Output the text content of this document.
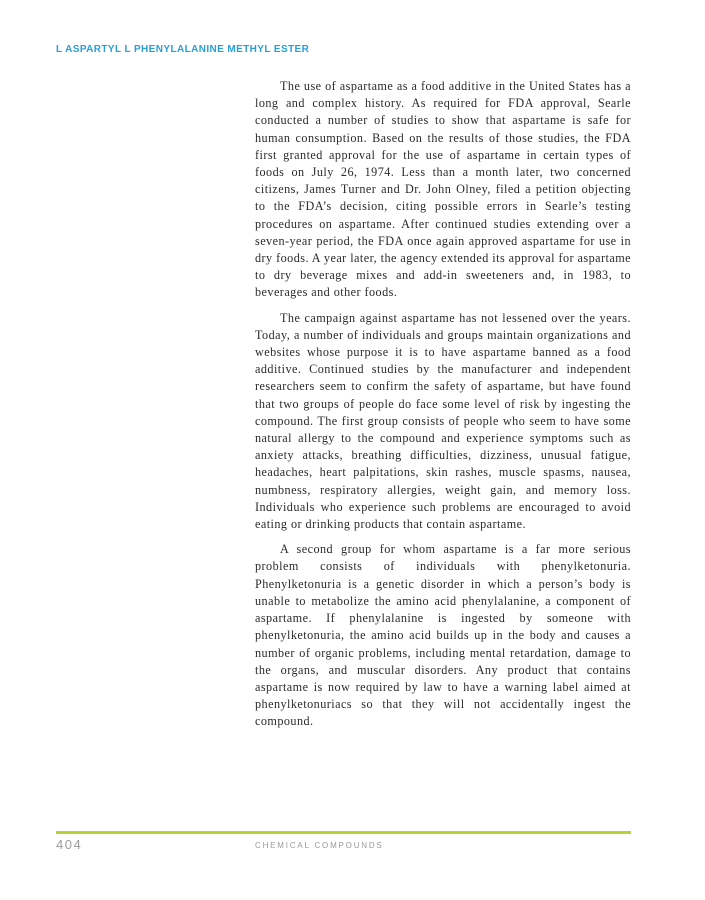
L ASPARTYL L PHENYLALANINE METHYL ESTER

The use of aspartame as a food additive in the United States has a long and complex history. As required for FDA approval, Searle conducted a number of studies to show that aspartame is safe for human consumption. Based on the results of those studies, the FDA first granted approval for the use of aspartame in certain types of foods on July 26, 1974. Less than a month later, two concerned citizens, James Turner and Dr. John Olney, filed a petition objecting to the FDA’s decision, citing possible errors in Searle’s testing procedures on aspartame. After continued studies extending over a seven-year period, the FDA once again approved aspartame for use in dry foods. A year later, the agency extended its approval for aspartame to dry beverage mixes and add-in sweeteners and, in 1983, to beverages and other foods.

The campaign against aspartame has not lessened over the years. Today, a number of individuals and groups maintain organizations and websites whose purpose it is to have aspartame banned as a food additive. Continued studies by the manufacturer and independent researchers seem to confirm the safety of aspartame, but have found that two groups of people do face some level of risk by ingesting the compound. The first group consists of people who seem to have some natural allergy to the compound and experience symptoms such as anxiety attacks, breathing difficulties, dizziness, unusual fatigue, headaches, heart palpitations, skin rashes, muscle spasms, nausea, numbness, respiratory allergies, weight gain, and memory loss. Individuals who experience such problems are encouraged to avoid eating or drinking products that contain aspartame.

A second group for whom aspartame is a far more serious problem consists of individuals with phenylketonuria. Phenylketonuria is a genetic disorder in which a person’s body is unable to metabolize the amino acid phenylalanine, a component of aspartame. If phenylalanine is ingested by someone with phenylketonuria, the amino acid builds up in the body and causes a number of organic problems, including mental retardation, damage to the organs, and muscular disorders. Any product that contains aspartame is now required by law to have a warning label aimed at phenylketonuriacs so that they will not accidentally ingest the compound.

404	CHEMICAL COMPOUNDS
